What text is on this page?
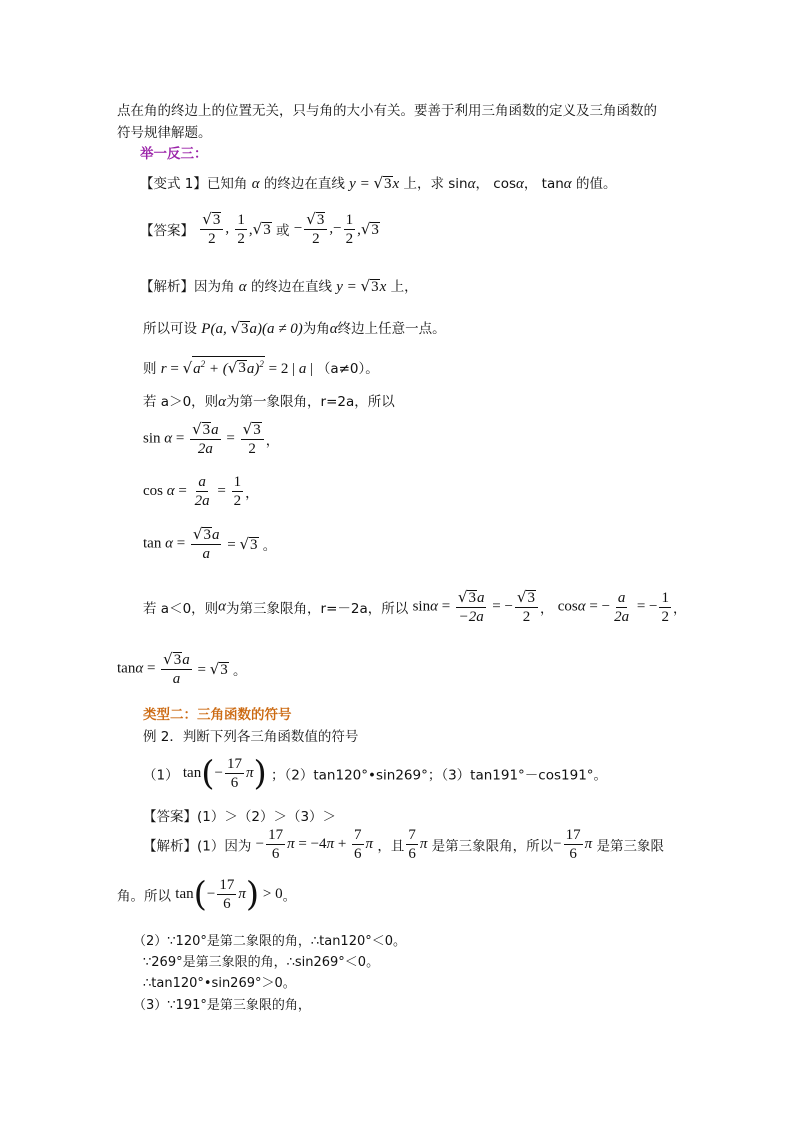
点在角的终边上的位置无关，只与角的大小有关。要善于利用三角函数的定义及三角函数的
符号规律解题。
举一反三：
【变式 1】已知角 α 的终边在直线 y = √ 3 x 上，求 sinα， cosα， tanα 的值。
【答案】 $\frac{√ 3}{2}$ , $\frac{1}{2}$ , √ 3 或 − $\frac{√ 3}{2}$ ,− $\frac{1}{2}$ , √ 3
【解析】因为角 α 的终边在直线 y = √ 3 x 上，
所以可设 P(a, √ 3 a)(a ≠ 0)为角α终边上任意一点。
则 r = √ $a^2$ + ( √ 3 a)$^2$ = 2 | a | （a≠0）。
若 a＞0，则α为第一象限角，r=2a，所以
$\sin \alpha = \frac{√ 3 a}{2a} = \frac{√ 3}{2}$ ，
$\cos \alpha = \frac{a}{2a} = \frac{1}{2}$ ，
$\tan \alpha = \frac{√ 3 a}{a}$ = √ 3 。
若 a＜0，则α为第三象限角，r=－2a，所以 $\sin\alpha = \frac{√ 3 a}{-2a}$ = − $\frac{√ 3}{2}$ ， cosα = − $\frac{a}{2a}$ = − $\frac{1}{2}$ ，
$\tan\alpha = \frac{√ 3 a}{a}$ = √ 3 。
类型二：三角函数的符号
例 2．判断下列各三角函数值的符号
（1） $\tan(- \frac{17}{6} \pi)$ ；（2）tan120°•sin269°；（3）tan191°－cos191°。
【答案】(1）＞（2）＞（3）＞
【解析】(1）因为 − $\frac{17}{6}$ $\pi = -4\pi + \frac{7}{6}$ π ，且 $\frac{7}{6}$ π 是第三象限角，所以− $\frac{17}{6}$ π 是第三象限
角。所以 $\tan(- \frac{17}{6} \pi) > 0$。
（2）∵120°是第二象限的角，∴tan120°＜0。
∵269°是第三象限的角，∴sin269°＜0。
∴tan120°•sin269°＞0。
（3）∵191°是第三象限的角，
